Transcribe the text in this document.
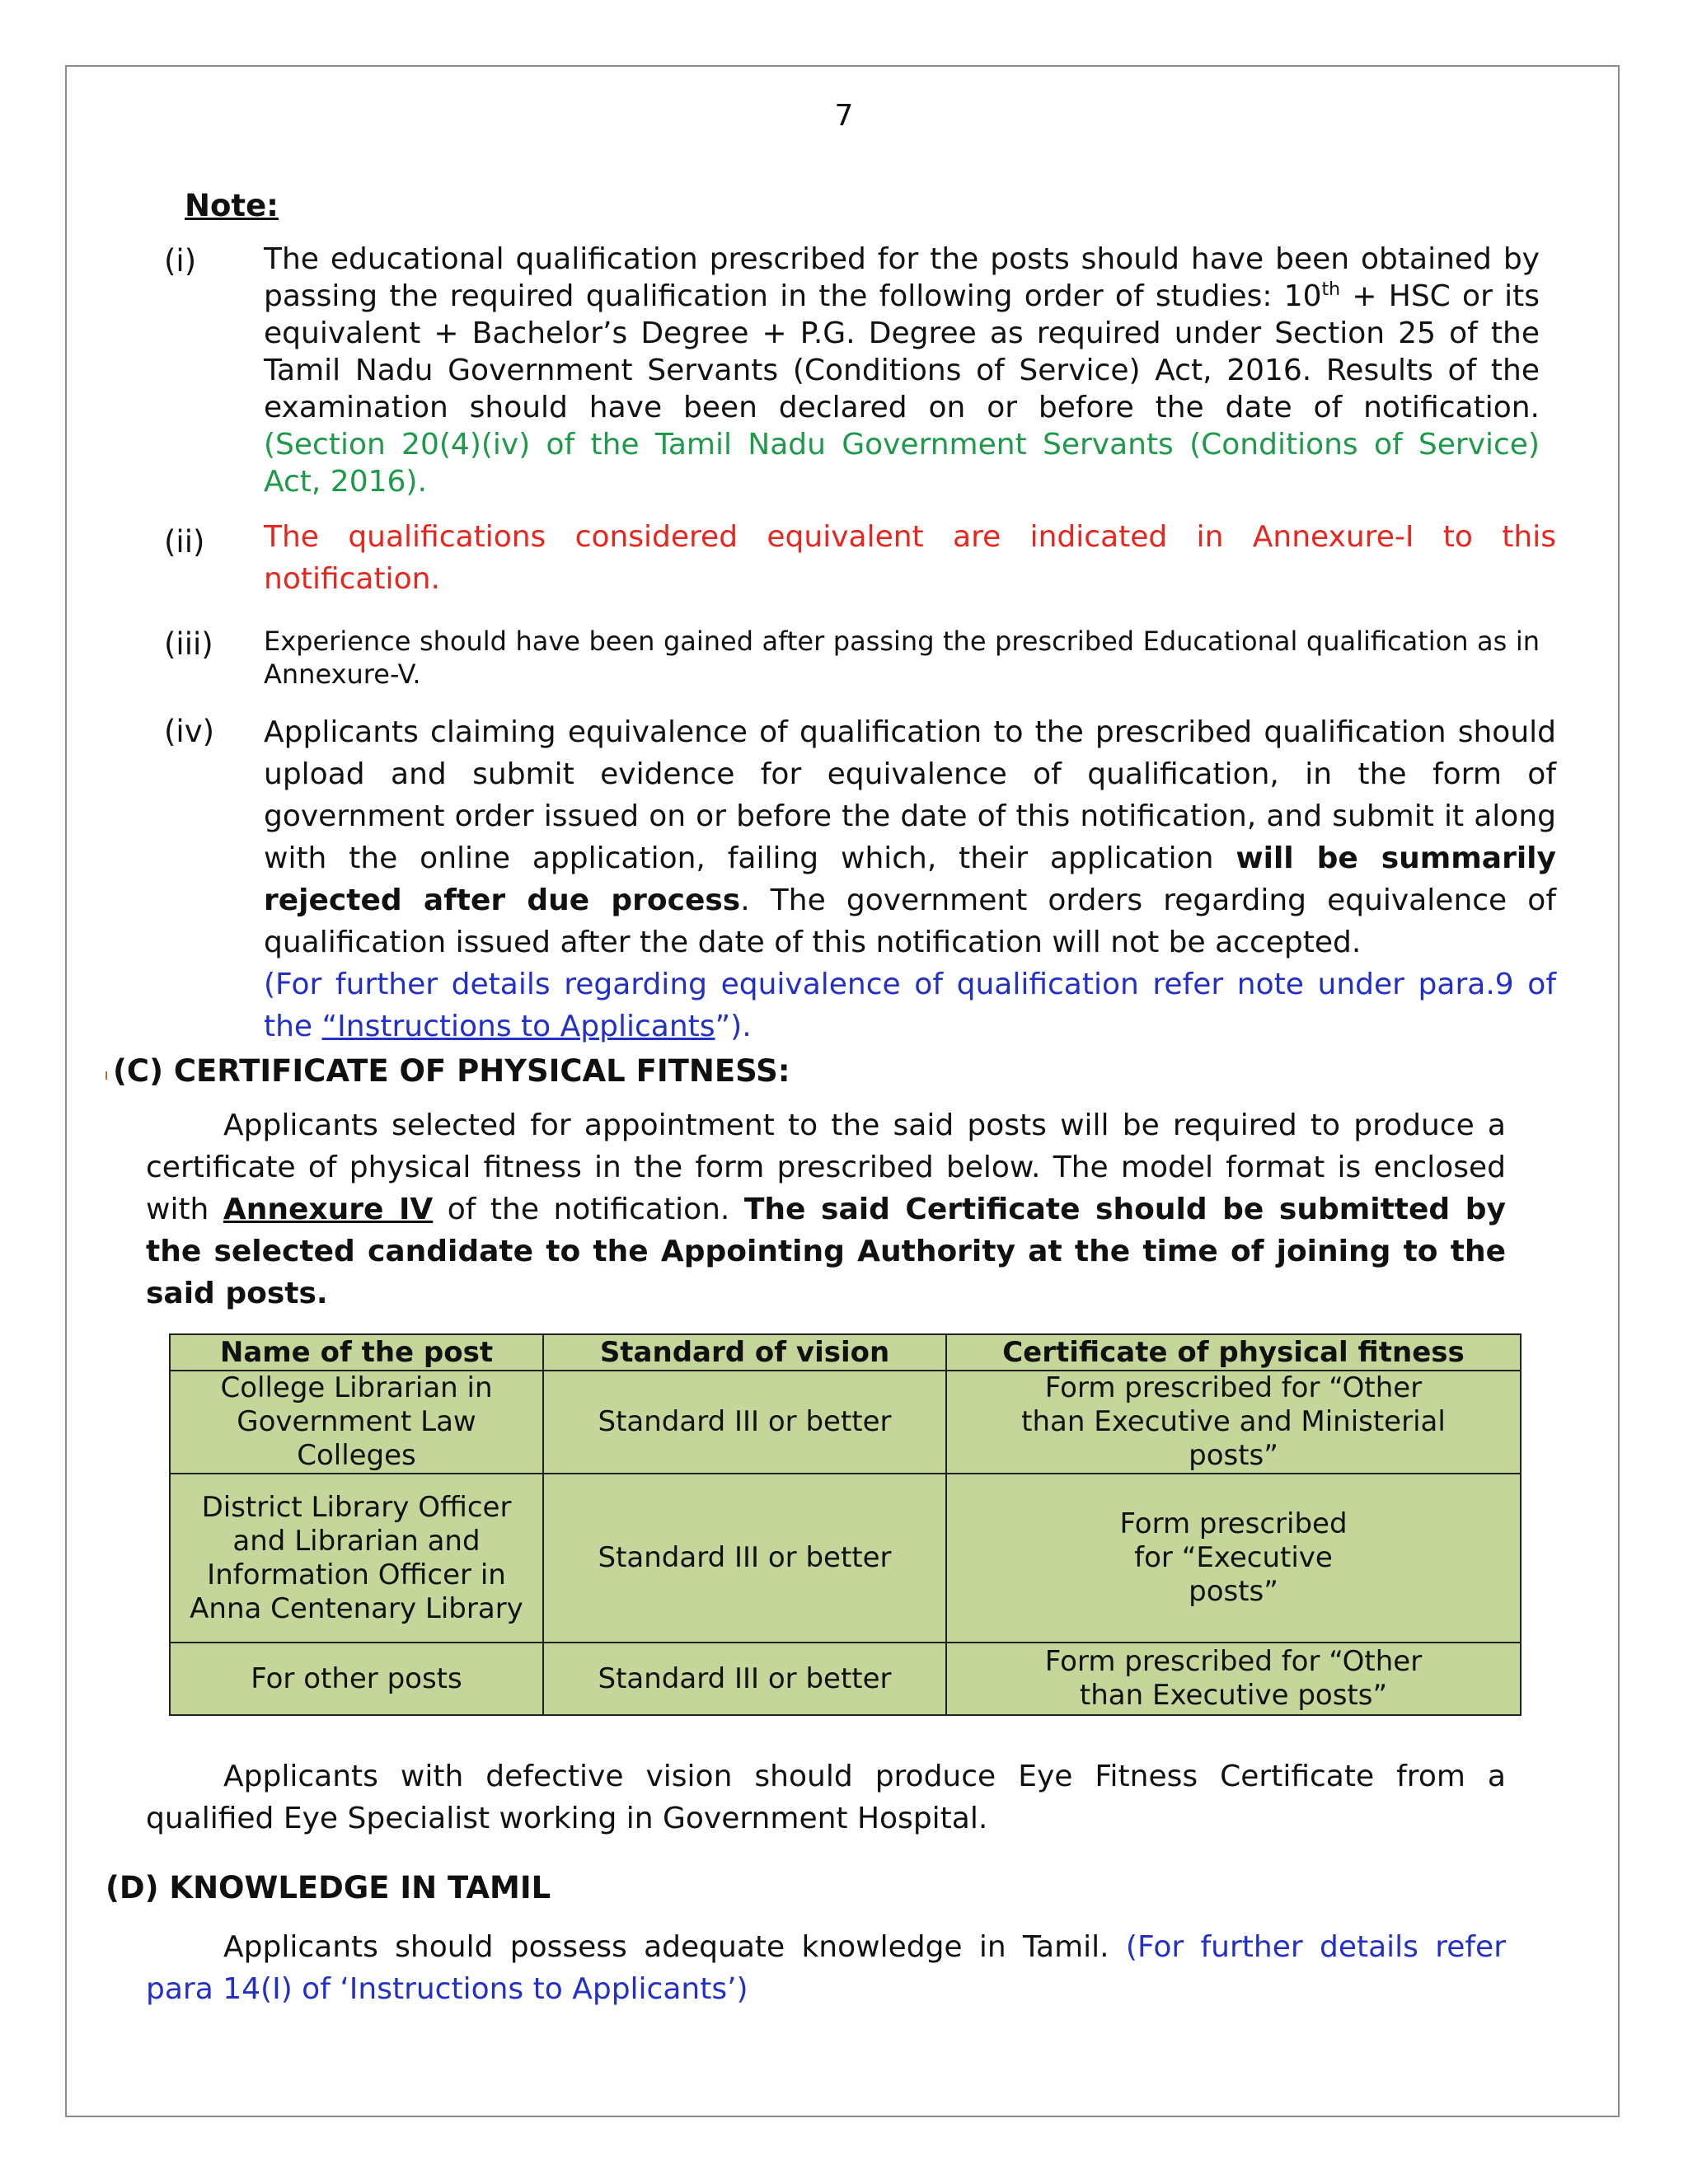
7
Note:
(i) The educational qualification prescribed for the posts should have been obtained by passing the required qualification in the following order of studies: 10th + HSC or its equivalent + Bachelor’s Degree + P.G. Degree as required under Section 25 of the Tamil Nadu Government Servants (Conditions of Service) Act, 2016. Results of the examination should have been declared on or before the date of notification. (Section 20(4)(iv) of the Tamil Nadu Government Servants (Conditions of Service) Act, 2016).
(ii) The qualifications considered equivalent are indicated in Annexure-I to this notification.
(iii) Experience should have been gained after passing the prescribed Educational qualification as in Annexure-V.
(iv) Applicants claiming equivalence of qualification to the prescribed qualification should upload and submit evidence for equivalence of qualification, in the form of government order issued on or before the date of this notification, and submit it along with the online application, failing which, their application will be summarily rejected after due process. The government orders regarding equivalence of qualification issued after the date of this notification will not be accepted.
(For further details regarding equivalence of qualification refer note under para.9 of the “Instructions to Applicants”).
(C) CERTIFICATE OF PHYSICAL FITNESS:
Applicants selected for appointment to the said posts will be required to produce a certificate of physical fitness in the form prescribed below. The model format is enclosed with Annexure IV of the notification. The said Certificate should be submitted by the selected candidate to the Appointing Authority at the time of joining to the said posts.
Name of the post	Standard of vision	Certificate of physical fitness
College Librarian in Government Law Colleges	Standard III or better	Form prescribed for “Other than Executive and Ministerial posts”
District Library Officer and Librarian and Information Officer in Anna Centenary Library	Standard III or better	Form prescribed for “Executive posts”
For other posts	Standard III or better	Form prescribed for “Other than Executive posts”
Applicants with defective vision should produce Eye Fitness Certificate from a qualified Eye Specialist working in Government Hospital.
(D) KNOWLEDGE IN TAMIL
Applicants should possess adequate knowledge in Tamil. (For further details refer para 14(I) of ‘Instructions to Applicants’)
